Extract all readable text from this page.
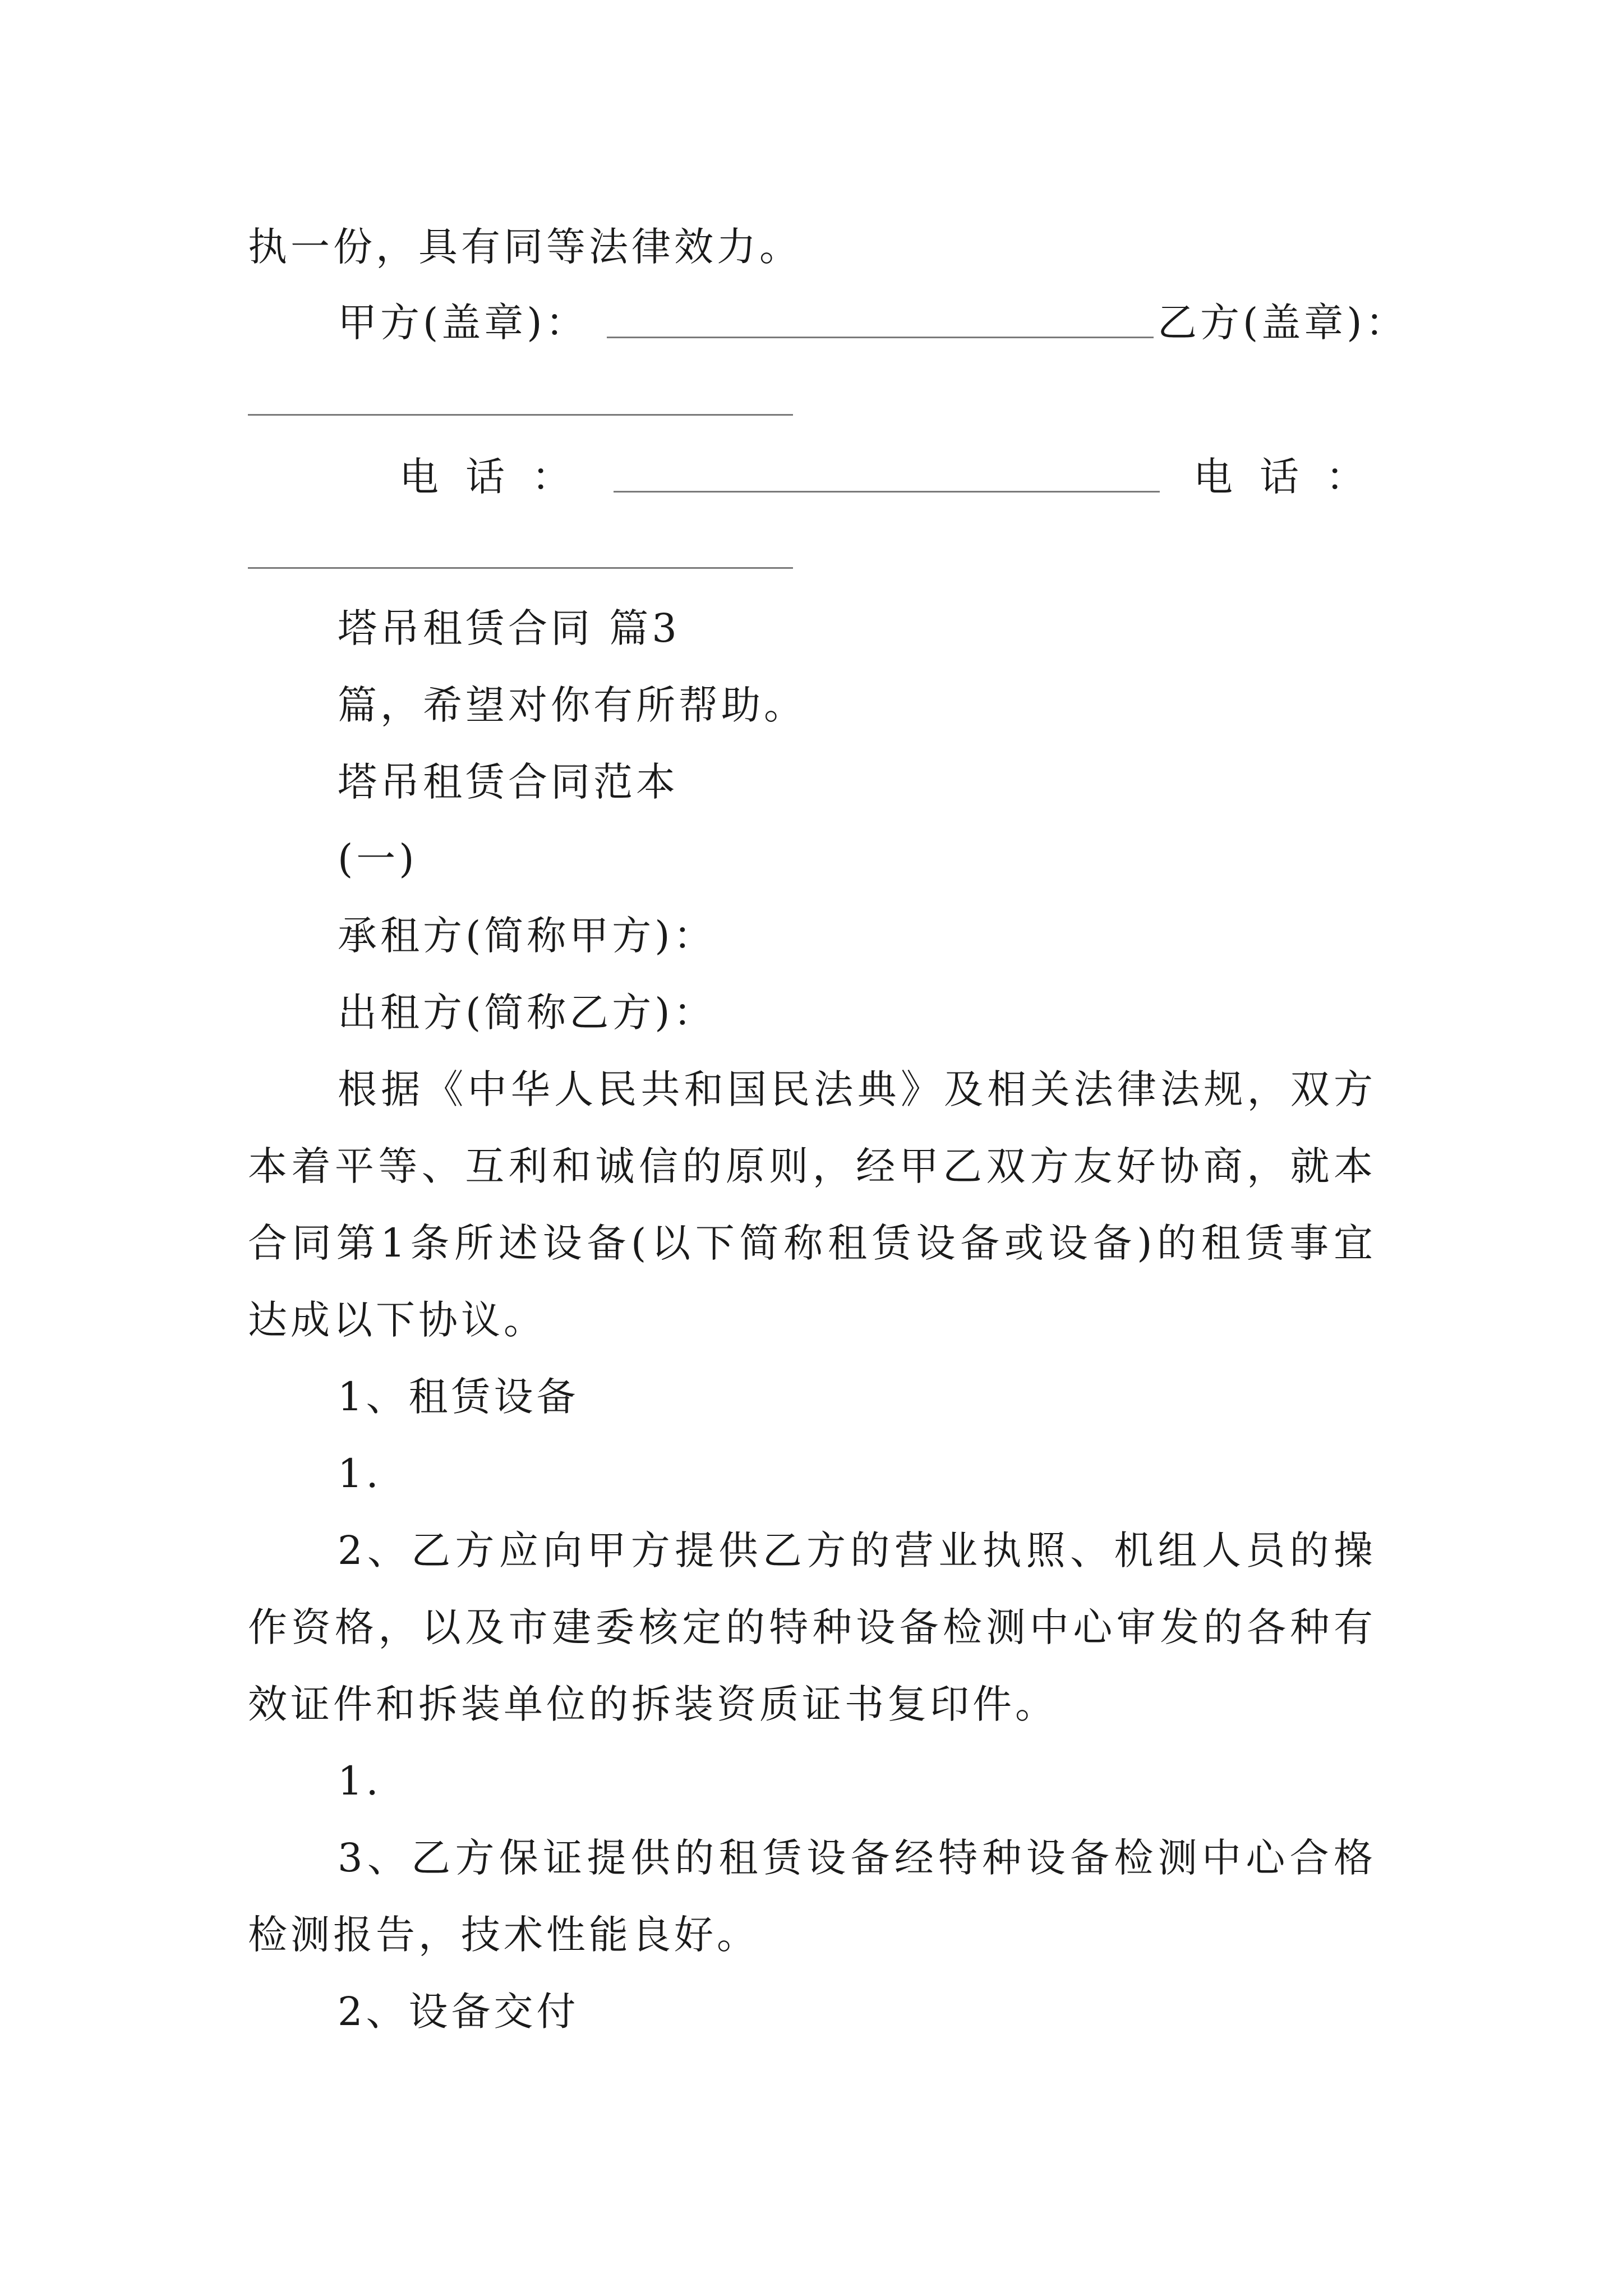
执一份，具有同等法律效力。
甲方(盖章)：	乙方(盖章)：
电话：	电话：
塔吊租赁合同 篇3
篇，希望对你有所帮助。
塔吊租赁合同范本
(一)
承租方(简称甲方)：
出租方(简称乙方)：
根据《中华人民共和国民法典》及相关法律法规，双方
本着平等、互利和诚信的原则，经甲乙双方友好协商，就本
合同第1条所述设备(以下简称租赁设备或设备)的租赁事宜
达成以下协议。
1、租赁设备
1.
2、乙方应向甲方提供乙方的营业执照、机组人员的操
作资格，以及市建委核定的特种设备检测中心审发的各种有
效证件和拆装单位的拆装资质证书复印件。
1.
3、乙方保证提供的租赁设备经特种设备检测中心合格
检测报告，技术性能良好。
2、设备交付
